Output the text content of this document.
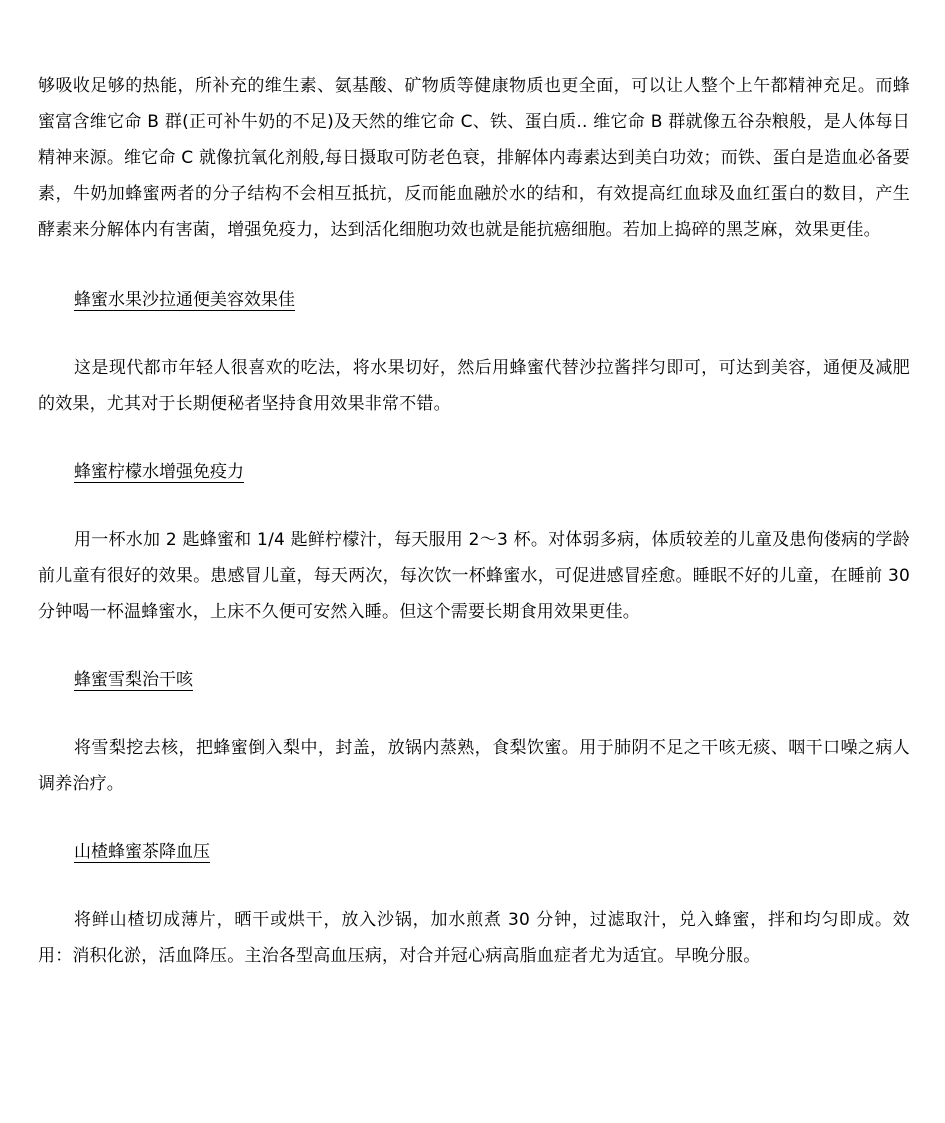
够吸收足够的热能，所补充的维生素、氨基酸、矿物质等健康物质也更全面，可以让人整个上午都精神充足。而蜂蜜富含维它命 B 群(正可补牛奶的不足)及天然的维它命 C、铁、蛋白质.. 维它命 B 群就像五谷杂粮般，是人体每日精神来源。维它命 C 就像抗氧化剂般,每日摄取可防老色衰，排解体内毒素达到美白功效；而铁、蛋白是造血必备要素，牛奶加蜂蜜两者的分子结构不会相互抵抗，反而能血融於水的结和，有效提高红血球及血红蛋白的数目，产生酵素来分解体内有害菌，增强免疫力，达到活化细胞功效也就是能抗癌细胞。若加上捣碎的黑芝麻，效果更佳。

蜂蜜水果沙拉通便美容效果佳

这是现代都市年轻人很喜欢的吃法，将水果切好，然后用蜂蜜代替沙拉酱拌匀即可，可达到美容，通便及减肥的效果，尤其对于长期便秘者坚持食用效果非常不错。

蜂蜜柠檬水增强免疫力

用一杯水加 2 匙蜂蜜和 1/4 匙鲜柠檬汁，每天服用 2～3 杯。对体弱多病，体质较差的儿童及患佝偻病的学龄前儿童有很好的效果。患感冒儿童，每天两次，每次饮一杯蜂蜜水，可促进感冒痊愈。睡眠不好的儿童，在睡前 30 分钟喝一杯温蜂蜜水，上床不久便可安然入睡。但这个需要长期食用效果更佳。

蜂蜜雪梨治干咳

将雪梨挖去核，把蜂蜜倒入梨中，封盖，放锅内蒸熟，食梨饮蜜。用于肺阴不足之干咳无痰、咽干口噪之病人调养治疗。

山楂蜂蜜茶降血压

将鲜山楂切成薄片，晒干或烘干，放入沙锅，加水煎煮 30 分钟，过滤取汁，兑入蜂蜜，拌和均匀即成。效用：消积化淤，活血降压。主治各型高血压病，对合并冠心病高脂血症者尤为适宜。早晚分服。
